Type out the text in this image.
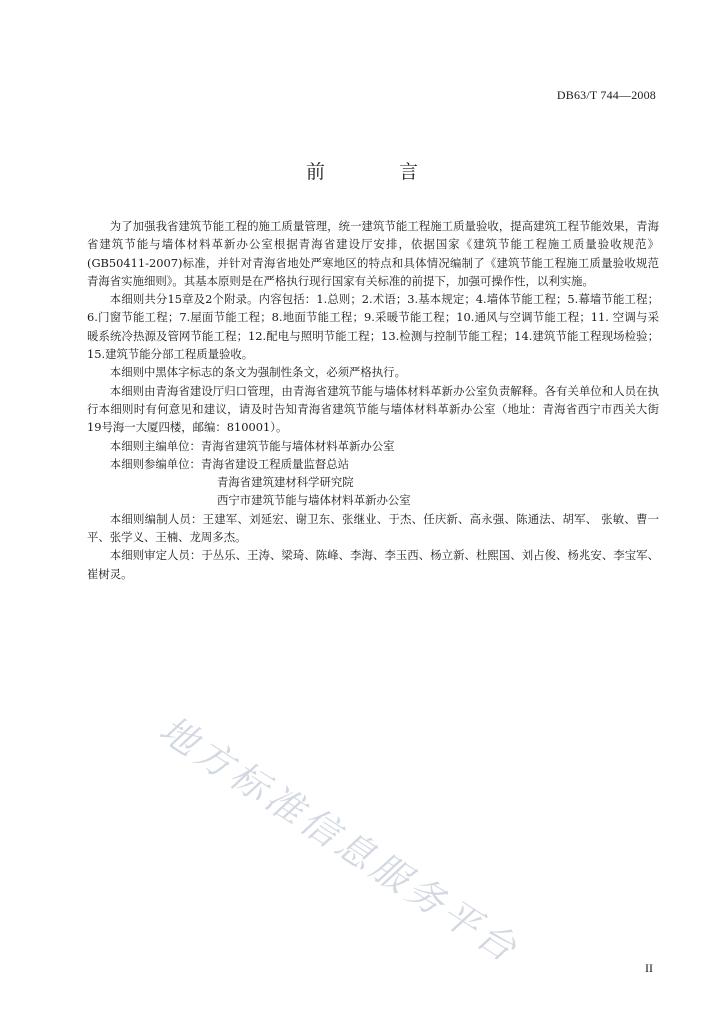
DB63/T 744—2008
前 言

为了加强我省建筑节能工程的施工质量管理，统一建筑节能工程施工质量验收，提高建筑工程节能效果，青海省建筑节能与墙体材料革新办公室根据青海省建设厅安排，依据国家《建筑节能工程施工质量验收规范》(GB50411-2007)标准，并针对青海省地处严寒地区的特点和具体情况编制了《建筑节能工程施工质量验收规范青海省实施细则》。其基本原则是在严格执行现行国家有关标准的前提下，加强可操作性，以利实施。

本细则共分15章及2个附录。内容包括：1.总则；2.术语；3.基本规定；4.墙体节能工程；5.幕墙节能工程；6.门窗节能工程；7.屋面节能工程；8.地面节能工程；9.采暖节能工程；10.通风与空调节能工程；11. 空调与采暖系统冷热源及管网节能工程；12.配电与照明节能工程；13.检测与控制节能工程；14.建筑节能工程现场检验；15.建筑节能分部工程质量验收。

本细则中黑体字标志的条文为强制性条文，必须严格执行。

本细则由青海省建设厅归口管理，由青海省建筑节能与墙体材料革新办公室负责解释。各有关单位和人员在执行本细则时有何意见和建议，请及时告知青海省建筑节能与墙体材料革新办公室（地址：青海省西宁市西关大街19号海一大厦四楼，邮编：810001）。

本细则主编单位：青海省建筑节能与墙体材料革新办公室

本细则参编单位：青海省建设工程质量监督总站

青海省建筑建材科学研究院

西宁市建筑节能与墙体材料革新办公室

本细则编制人员：王建军、刘延宏、谢卫东、张继业、于杰、任庆新、高永强、陈通法、胡军、 张敏、曹一平、张学义、王楠、龙周多杰。

本细则审定人员：于丛乐、王涛、梁琦、陈峰、李海、李玉西、杨立新、杜熙国、刘占俊、杨兆安、李宝军、崔树灵。

地方标准信息服务平台	II
